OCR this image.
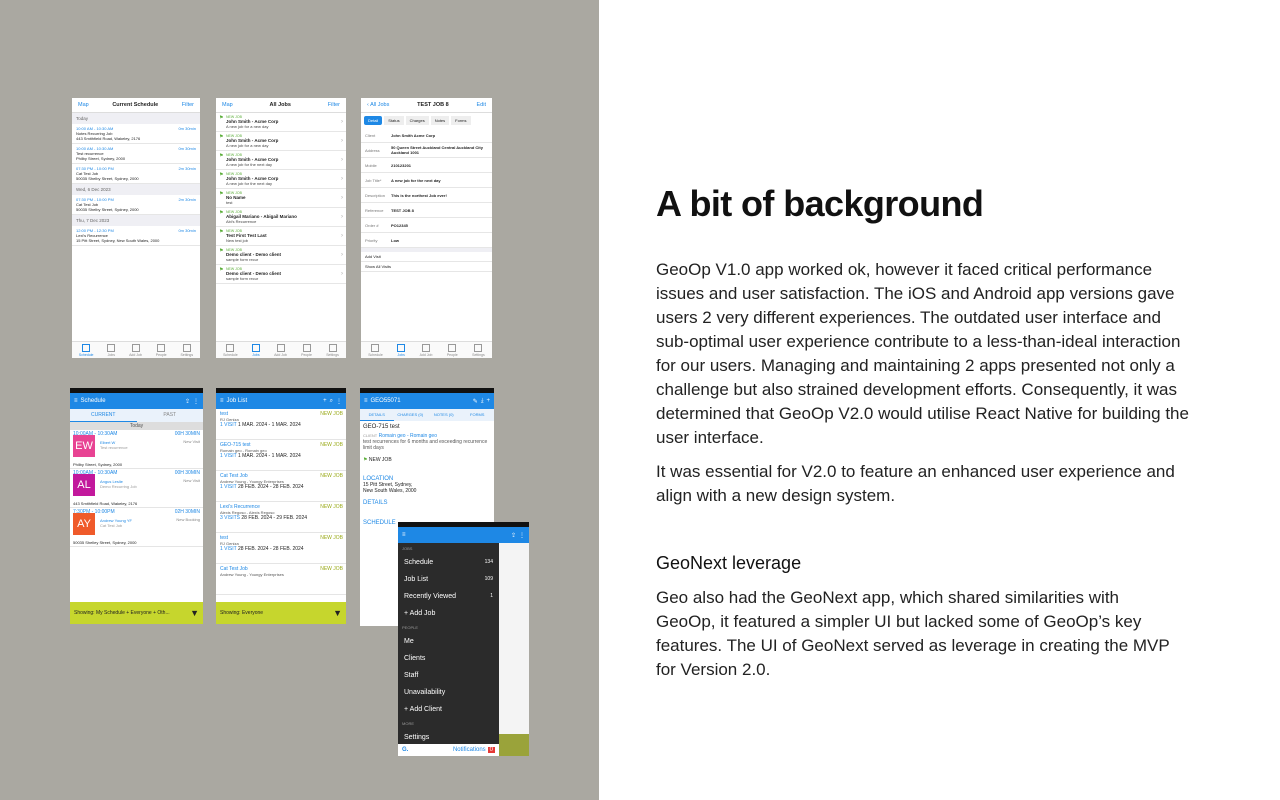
Map	Current Schedule	Filter
Today
10:00 AM - 10:30 AM
Notes Recurring Job
443 Smithfield Road, Wakeley, 2176
0m 30min
10:00 AM - 10:30 AM
Test recurrence
Philby Street, Sydney, 2000
0m 30min
07:30 PM - 10:00 PM
Cat Test Job
50035 Shelby Street, Sydney, 2000
2m 30min
Wed, 6 Dec 2023
07:30 PM - 10:00 PM
Cat Test Job
50035 Shelby Street, Sydney, 2000
2m 30min
Thu, 7 Dec 2023
12:00 PM - 12:30 PM
Lexi's Recurrence
15 Pitt Street, Sydney, New South Wales, 2000
0m 30min
Schedule	Jobs	Add Job	People	Settings
Map	All Jobs	Filter
⚑ NEW JOB
John Smith - Acme Corp
A new job for a new day
›
⚑ NEW JOB
John Smith - Acme Corp
A new job for a new day
›
⚑ NEW JOB
John Smith - Acme Corp
A new job for the next day
›
⚑ NEW JOB
John Smith - Acme Corp
A new job for the next day
›
⚑ NEW JOB
No Name
test
›
⚑ NEW JOB
Abigail Mariano - Abigail Mariano
Abi's Recurrence
›
⚑ NEW JOB
Test First Test Last
New test job
›
⚑ NEW JOB
Demo client - Demo client
sample form recur
›
⚑ NEW JOB
Demo client - Demo client
sample form recur
›
Schedule	Jobs	Add Job	People	Settings
‹ All Jobs	TEST JOB 8	Edit
Detail	Status	Charges	Notes	Forms
Client	John Smith Acme Corp
Address	50 Queen Street Auckland Central Auckland City Auckland 1001
Mobile	210123201
Job Title*	A new job for the next day
Description	This is the northest Job ever!
Reference	TEST JOB 8
Order #	PO12345
Priority	Low
Add Visit
Show All Visits
Schedule	Jobs	Add Job	People	Settings
≡ Schedule	⇪ ⋮
CURRENT	PAST
Today
EW
10:00AM - 10:30AM	00H 30MIN
Elbert W
Test recurrence
New Visit
Philby Street, Sydney, 2000
AL
10:00AM - 10:30AM	00H 30MIN
Angus Leslie
Demo Recurring Job
New Visit
443 Smithfield Road, Wakeley, 2176
AY
7:30PM - 10:00PM	02H 30MIN
Andrew Young YF
Cat Test Job
New Booking
50035 Shelley Street, Sydney, 2000
Showing: My Schedule + Everyone + Oth... ▼
≡ Job List	+ ⌕ ⋮
test	NEW JOB
RJ Geniza
1 VISIT 1 MAR. 2024 - 1 MAR. 2024
GEO-715 test	NEW JOB
Romain geo - Romain geo
1 VISIT 1 MAR. 2024 - 1 MAR. 2024
Cat Test Job	NEW JOB
Andrew Young - Youngy Enterprises
1 VISIT 28 FEB. 2024 - 28 FEB. 2024
Lexi's Recurrence	NEW JOB
Alexis Regoso - Alexis Regoso
3 VISITS 28 FEB. 2024 - 29 FEB. 2024
test	NEW JOB
RJ Geniza
1 VISIT 28 FEB. 2024 - 28 FEB. 2024
Cat Test Job	NEW JOB
Andrew Young - Youngy Enterprises
Showing: Everyone	▼
≡ GEO55071	✎ ⤓ +
DETAILS	CHARGES (0)	NOTES (0)	FORMS
GEO-715 test
CLIENT Romain geo - Romain geo
test recurrences for 6 months and exceeding recurrence limit days
⚑ NEW JOB
LOCATION
15 Pitt Street, Sydney, New South Wales, 2000
DETAILS
SCHEDULE
≡	⇪ ⋮
JOBS
Schedule	134
Job List	109
Recently Viewed	1
+ Add Job
PEOPLE
Me
Clients
Staff
Unavailability
+ Add Client
MORE
Settings
G.	Notifications 0
A bit of background

GeoOp V1.0 app worked ok, however it faced critical performance issues and user satisfaction. The iOS and Android app versions gave users 2 very different experiences. The outdated user interface and sub-optimal user experience contribute to a less-than-ideal interaction for our users. Managing and maintaining 2 apps presented not only a challenge but also strained development efforts. Consequently, it was determined that GeoOp V2.0 would utilise React Native for building the user interface.

It was essential for V2.0 to feature an enhanced user experience and align with a new design system.

GeoNext leverage

Geo also had the GeoNext app, which shared similarities with GeoOp, it featured a simpler UI but lacked some of GeoOp’s key features. The UI of GeoNext served as leverage in creating the MVP for Version 2.0.
